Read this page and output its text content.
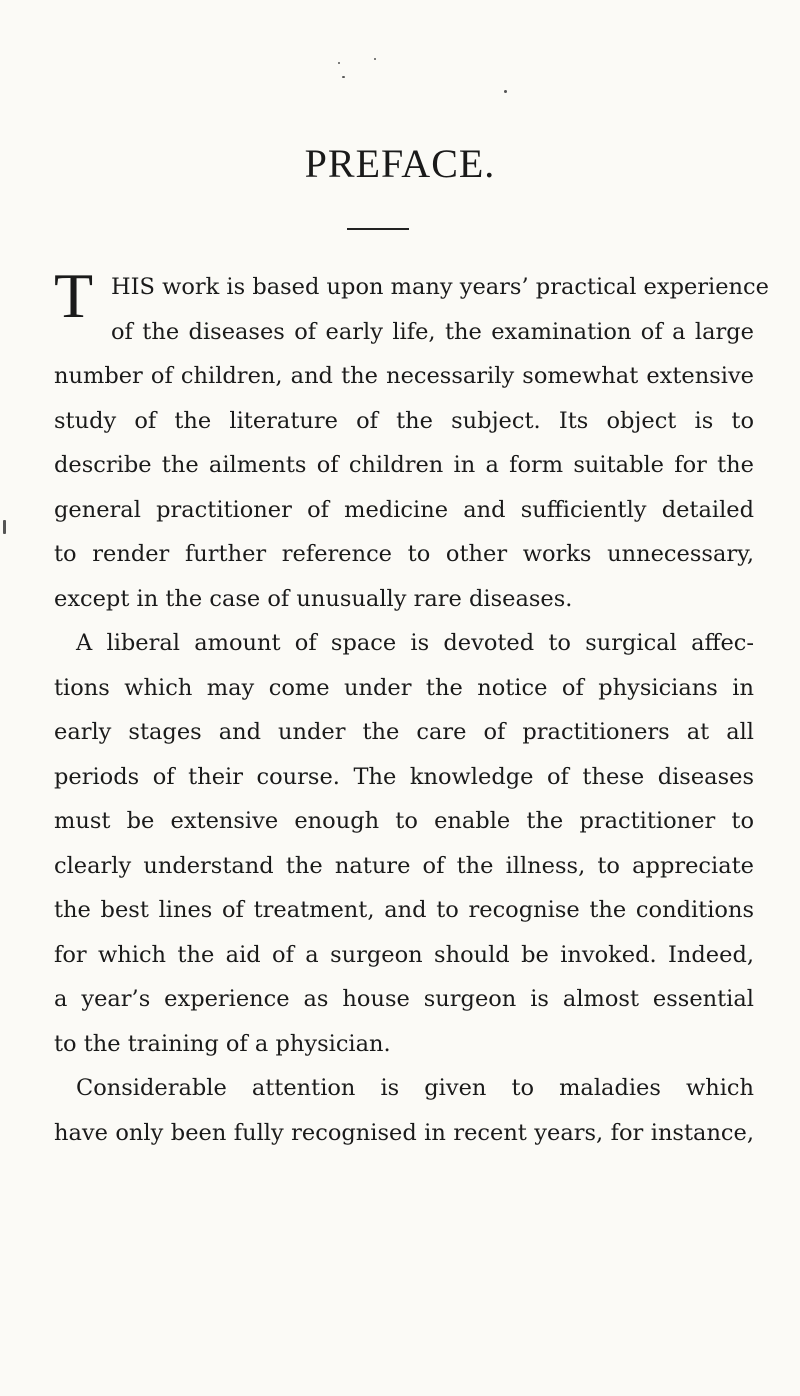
PREFACE.
T HIS work is based upon many years’ practical experience
of the diseases of early life, the examination of a large
number of children, and the necessarily somewhat extensive
study of the literature of the subject. Its object is to
describe the ailments of children in a form suitable for the
general practitioner of medicine and sufficiently detailed
to render further reference to other works unnecessary,
except in the case of unusually rare diseases.
A liberal amount of space is devoted to surgical affec-
tions which may come under the notice of physicians in
early stages and under the care of practitioners at all
periods of their course. The knowledge of these diseases
must be extensive enough to enable the practitioner to
clearly understand the nature of the illness, to appreciate
the best lines of treatment, and to recognise the conditions
for which the aid of a surgeon should be invoked. Indeed,
a year’s experience as house surgeon is almost essential
to the training of a physician.
Considerable attention is given to maladies which
have only been fully recognised in recent years, for instance,
